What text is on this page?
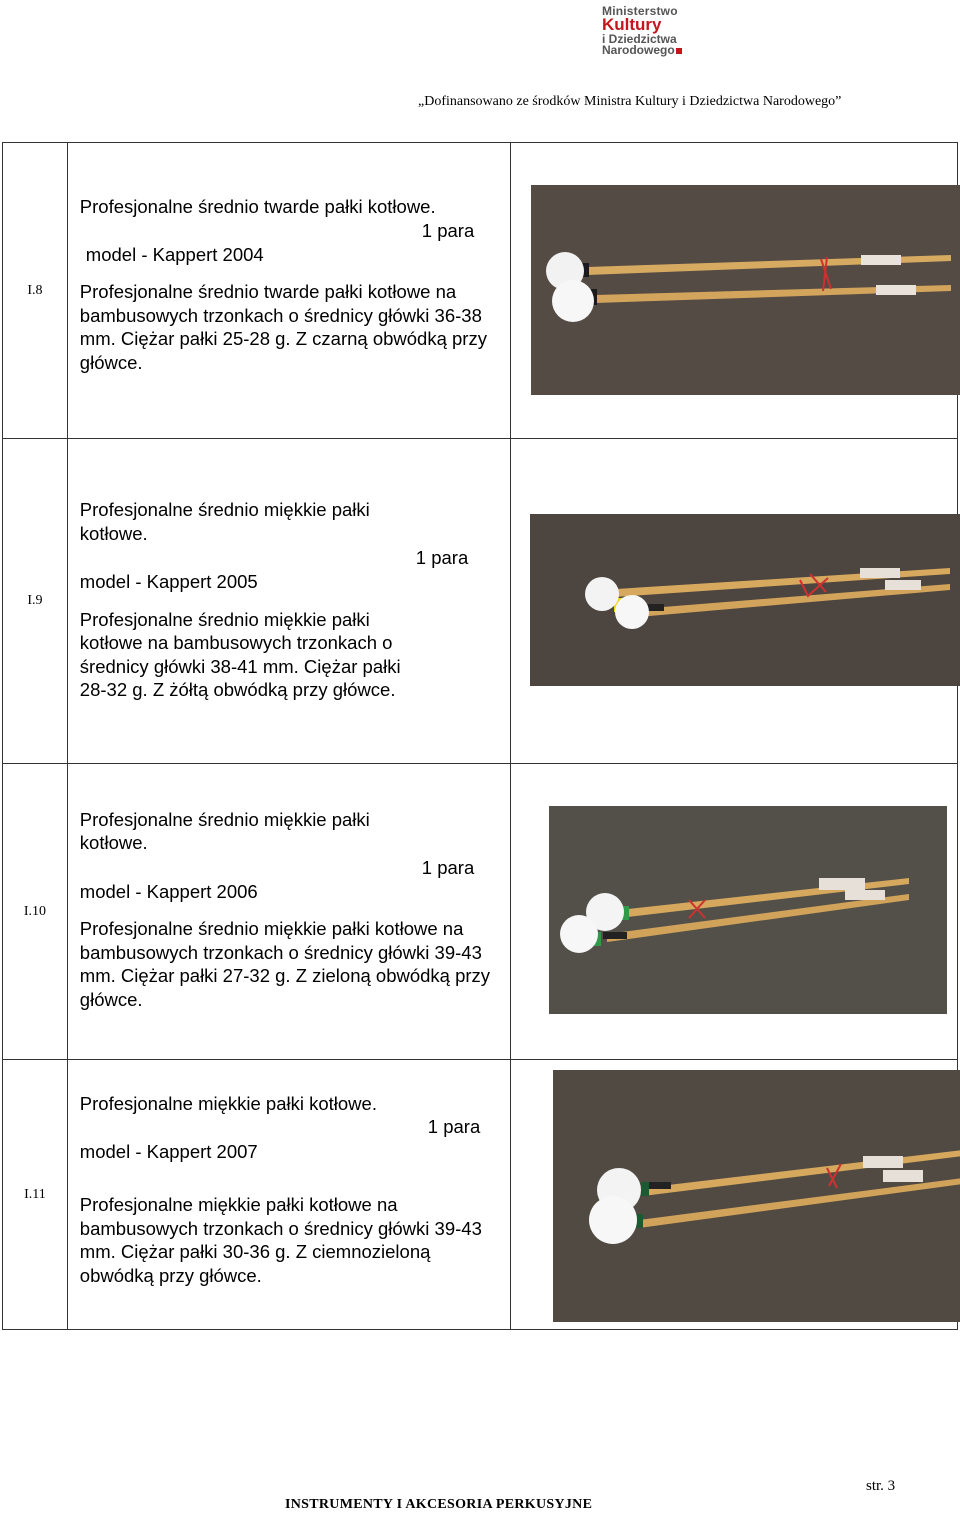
Ministerstwo
Kultury
i Dziedzictwa
Narodowego
„Dofinansowano ze środków Ministra Kultury i Dziedzictwa Narodowego”
I.8	Profesjonalne średnio twarde pałki kotłowe.
1 para
model - Kappert 2004
Profesjonalne średnio twarde pałki kotłowe na bambusowych trzonkach o średnicy główki 36-38 mm. Ciężar pałki 25-28 g. Z czarną obwódką przy główce.

I.9	Profesjonalne średnio miękkie pałki kotłowe.
1 para
model - Kappert 2005
Profesjonalne średnio miękkie pałki kotłowe na bambusowych trzonkach o średnicy główki 38-41 mm. Ciężar pałki 28-32 g. Z żółtą obwódką przy główce.

I.10	Profesjonalne średnio miękkie pałki kotłowe.
1 para
model - Kappert 2006
Profesjonalne średnio miękkie pałki kotłowe na bambusowych trzonkach o średnicy główki 39-43 mm. Ciężar pałki 27-32 g. Z zieloną obwódką przy główce.

I.11	Profesjonalne miękkie pałki kotłowe.
1 para
model - Kappert 2007
Profesjonalne miękkie pałki kotłowe na bambusowych trzonkach o średnicy główki 39-43 mm. Ciężar pałki 30-36 g. Z ciemnozieloną obwódką przy główce.

str. 3
INSTRUMENTY I AKCESORIA PERKUSYJNE
